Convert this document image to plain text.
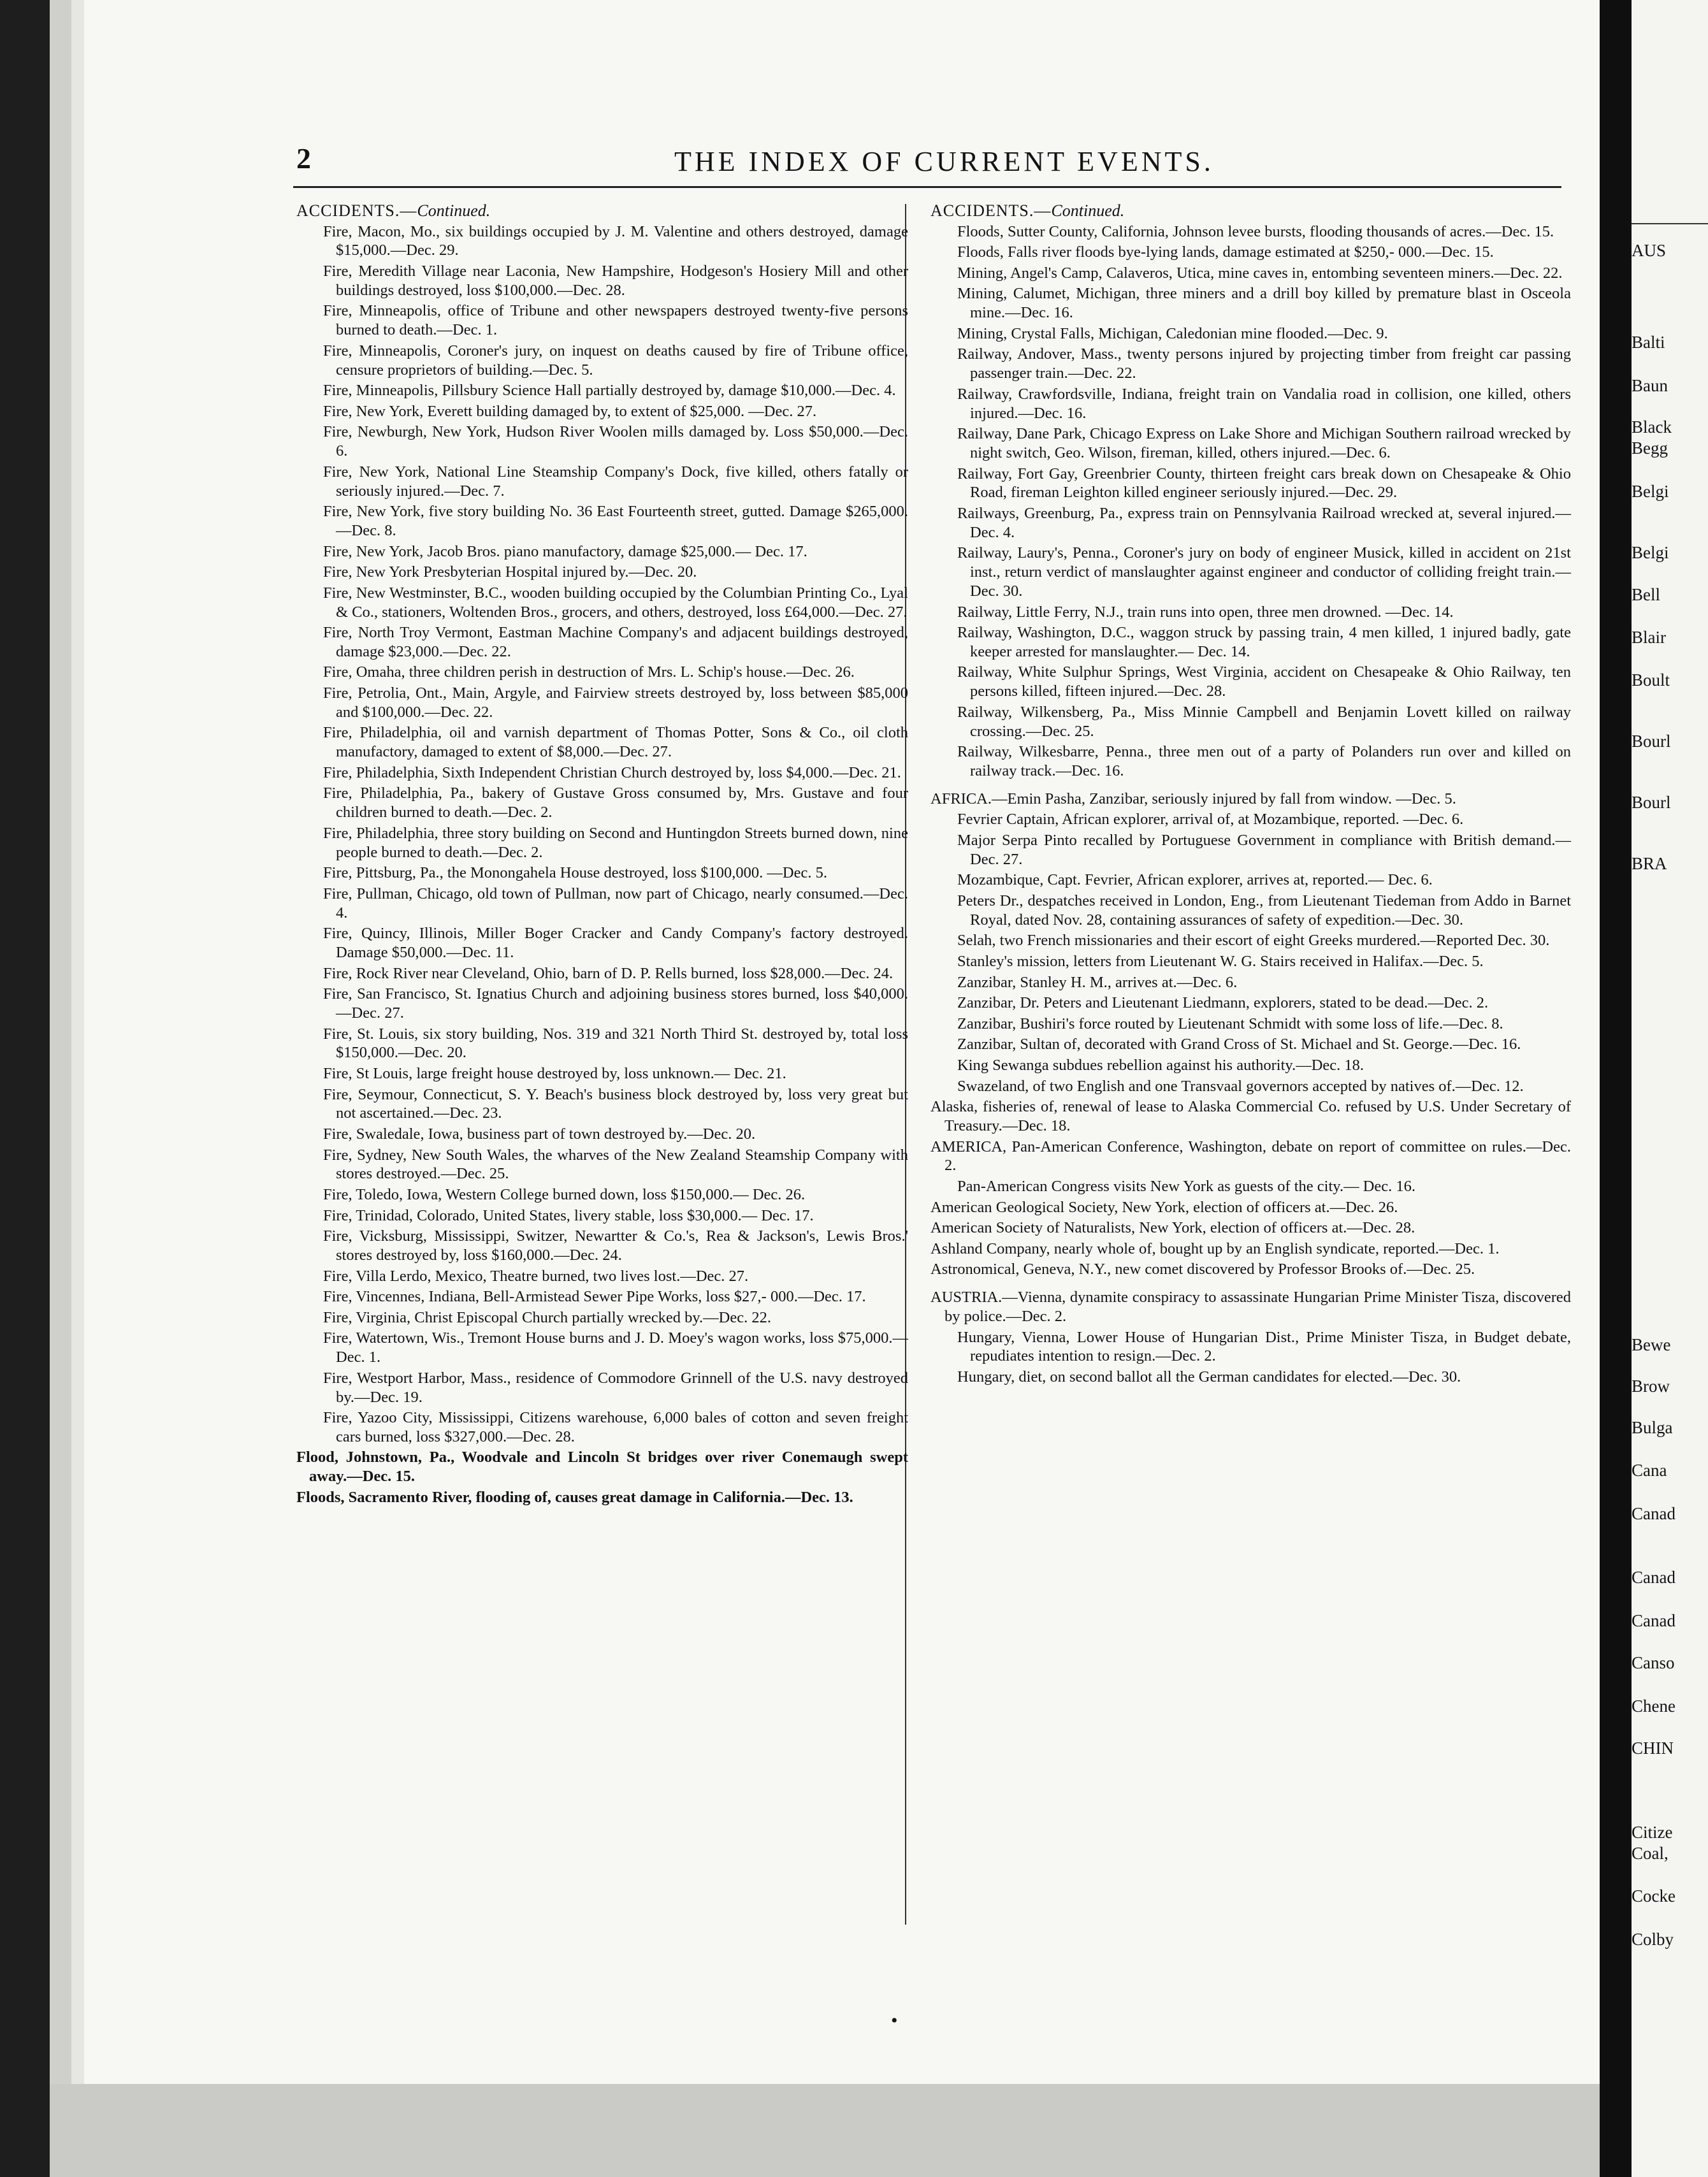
AUS
Balti
Baun
Black
Begg
Belgi
Belgi
Bell
Blair
Boult
Bourl
Bourl
BRA
Bewe
Brow
Bulga
Cana
Canad
Canad
Canad
Canso
Chene
CHIN
Citize
Coal,
Cocke
Colby
2	THE INDEX OF CURRENT EVENTS.
ACCIDENTS.—Continued.
Fire, Macon, Mo., six buildings occupied by J. M. Valentine and others destroyed, damage $15,000.—Dec. 29.
Fire, Meredith Village near Laconia, New Hampshire, Hodgeson's Hosiery Mill and other buildings destroyed, loss $100,000.—Dec. 28.
Fire, Minneapolis, office of Tribune and other newspapers destroyed twenty-five persons burned to death.—Dec. 1.
Fire, Minneapolis, Coroner's jury, on inquest on deaths caused by fire of Tribune office, censure proprietors of building.—Dec. 5.
Fire, Minneapolis, Pillsbury Science Hall partially destroyed by, damage $10,000.—Dec. 4.
Fire, New York, Everett building damaged by, to extent of $25,000. —Dec. 27.
Fire, Newburgh, New York, Hudson River Woolen mills damaged by. Loss $50,000.—Dec. 6.
Fire, New York, National Line Steamship Company's Dock, five killed, others fatally or seriously injured.—Dec. 7.
Fire, New York, five story building No. 36 East Fourteenth street, gutted. Damage $265,000.—Dec. 8.
Fire, New York, Jacob Bros. piano manufactory, damage $25,000.— Dec. 17.
Fire, New York Presbyterian Hospital injured by.—Dec. 20.
Fire, New Westminster, B.C., wooden building occupied by the Columbian Printing Co., Lyal & Co., stationers, Woltenden Bros., grocers, and others, destroyed, loss £64,000.—Dec. 27.
Fire, North Troy Vermont, Eastman Machine Company's and adjacent buildings destroyed, damage $23,000.—Dec. 22.
Fire, Omaha, three children perish in destruction of Mrs. L. Schip's house.—Dec. 26.
Fire, Petrolia, Ont., Main, Argyle, and Fairview streets destroyed by, loss between $85,000 and $100,000.—Dec. 22.
Fire, Philadelphia, oil and varnish department of Thomas Potter, Sons & Co., oil cloth manufactory, damaged to extent of $8,000.—Dec. 27.
Fire, Philadelphia, Sixth Independent Christian Church destroyed by, loss $4,000.—Dec. 21.
Fire, Philadelphia, Pa., bakery of Gustave Gross consumed by, Mrs. Gustave and four children burned to death.—Dec. 2.
Fire, Philadelphia, three story building on Second and Huntingdon Streets burned down, nine people burned to death.—Dec. 2.
Fire, Pittsburg, Pa., the Monongahela House destroyed, loss $100,000. —Dec. 5.
Fire, Pullman, Chicago, old town of Pullman, now part of Chicago, nearly consumed.—Dec. 4.
Fire, Quincy, Illinois, Miller Boger Cracker and Candy Company's factory destroyed. Damage $50,000.—Dec. 11.
Fire, Rock River near Cleveland, Ohio, barn of D. P. Rells burned, loss $28,000.—Dec. 24.
Fire, San Francisco, St. Ignatius Church and adjoining business stores burned, loss $40,000.—Dec. 27.
Fire, St. Louis, six story building, Nos. 319 and 321 North Third St. destroyed by, total loss $150,000.—Dec. 20.
Fire, St Louis, large freight house destroyed by, loss unknown.— Dec. 21.
Fire, Seymour, Connecticut, S. Y. Beach's business block destroyed by, loss very great but not ascertained.—Dec. 23.
Fire, Swaledale, Iowa, business part of town destroyed by.—Dec. 20.
Fire, Sydney, New South Wales, the wharves of the New Zealand Steamship Company with stores destroyed.—Dec. 25.
Fire, Toledo, Iowa, Western College burned down, loss $150,000.— Dec. 26.
Fire, Trinidad, Colorado, United States, livery stable, loss $30,000.— Dec. 17.
Fire, Vicksburg, Mississippi, Switzer, Newartter & Co.'s, Rea & Jackson's, Lewis Bros.' stores destroyed by, loss $160,000.—Dec. 24.
Fire, Villa Lerdo, Mexico, Theatre burned, two lives lost.—Dec. 27.
Fire, Vincennes, Indiana, Bell-Armistead Sewer Pipe Works, loss $27,- 000.—Dec. 17.
Fire, Virginia, Christ Episcopal Church partially wrecked by.—Dec. 22.
Fire, Watertown, Wis., Tremont House burns and J. D. Moey's wagon works, loss $75,000.—Dec. 1.
Fire, Westport Harbor, Mass., residence of Commodore Grinnell of the U.S. navy destroyed by.—Dec. 19.
Fire, Yazoo City, Mississippi, Citizens warehouse, 6,000 bales of cotton and seven freight cars burned, loss $327,000.—Dec. 28.
Flood, Johnstown, Pa., Woodvale and Lincoln St bridges over river Conemaugh swept away.—Dec. 15.
Floods, Sacramento River, flooding of, causes great damage in California.—Dec. 13.
ACCIDENTS.—Continued.
Floods, Sutter County, California, Johnson levee bursts, flooding thousands of acres.—Dec. 15.
Floods, Falls river floods bye-lying lands, damage estimated at $250,- 000.—Dec. 15.
Mining, Angel's Camp, Calaveros, Utica, mine caves in, entombing seventeen miners.—Dec. 22.
Mining, Calumet, Michigan, three miners and a drill boy killed by premature blast in Osceola mine.—Dec. 16.
Mining, Crystal Falls, Michigan, Caledonian mine flooded.—Dec. 9.
Railway, Andover, Mass., twenty persons injured by projecting timber from freight car passing passenger train.—Dec. 22.
Railway, Crawfordsville, Indiana, freight train on Vandalia road in collision, one killed, others injured.—Dec. 16.
Railway, Dane Park, Chicago Express on Lake Shore and Michigan Southern railroad wrecked by night switch, Geo. Wilson, fireman, killed, others injured.—Dec. 6.
Railway, Fort Gay, Greenbrier County, thirteen freight cars break down on Chesapeake & Ohio Road, fireman Leighton killed engineer seriously injured.—Dec. 29.
Railways, Greenburg, Pa., express train on Pennsylvania Railroad wrecked at, several injured.—Dec. 4.
Railway, Laury's, Penna., Coroner's jury on body of engineer Musick, killed in accident on 21st inst., return verdict of manslaughter against engineer and conductor of colliding freight train.—Dec. 30.
Railway, Little Ferry, N.J., train runs into open, three men drowned. —Dec. 14.
Railway, Washington, D.C., waggon struck by passing train, 4 men killed, 1 injured badly, gate keeper arrested for manslaughter.— Dec. 14.
Railway, White Sulphur Springs, West Virginia, accident on Chesapeake & Ohio Railway, ten persons killed, fifteen injured.—Dec. 28.
Railway, Wilkensberg, Pa., Miss Minnie Campbell and Benjamin Lovett killed on railway crossing.—Dec. 25.
Railway, Wilkesbarre, Penna., three men out of a party of Polanders run over and killed on railway track.—Dec. 16.
AFRICA.—Emin Pasha, Zanzibar, seriously injured by fall from window. —Dec. 5.
Fevrier Captain, African explorer, arrival of, at Mozambique, reported. —Dec. 6.
Major Serpa Pinto recalled by Portuguese Government in compliance with British demand.—Dec. 27.
Mozambique, Capt. Fevrier, African explorer, arrives at, reported.— Dec. 6.
Peters Dr., despatches received in London, Eng., from Lieutenant Tiedeman from Addo in Barnet Royal, dated Nov. 28, containing assurances of safety of expedition.—Dec. 30.
Selah, two French missionaries and their escort of eight Greeks murdered.—Reported Dec. 30.
Stanley's mission, letters from Lieutenant W. G. Stairs received in Halifax.—Dec. 5.
Zanzibar, Stanley H. M., arrives at.—Dec. 6.
Zanzibar, Dr. Peters and Lieutenant Liedmann, explorers, stated to be dead.—Dec. 2.
Zanzibar, Bushiri's force routed by Lieutenant Schmidt with some loss of life.—Dec. 8.
Zanzibar, Sultan of, decorated with Grand Cross of St. Michael and St. George.—Dec. 16.
King Sewanga subdues rebellion against his authority.—Dec. 18.
Swazeland, of two English and one Transvaal governors accepted by natives of.—Dec. 12.
Alaska, fisheries of, renewal of lease to Alaska Commercial Co. refused by U.S. Under Secretary of Treasury.—Dec. 18.
AMERICA, Pan-American Conference, Washington, debate on report of committee on rules.—Dec. 2.
Pan-American Congress visits New York as guests of the city.— Dec. 16.
American Geological Society, New York, election of officers at.—Dec. 26.
American Society of Naturalists, New York, election of officers at.—Dec. 28.
Ashland Company, nearly whole of, bought up by an English syndicate, reported.—Dec. 1.
Astronomical, Geneva, N.Y., new comet discovered by Professor Brooks of.—Dec. 25.
AUSTRIA.—Vienna, dynamite conspiracy to assassinate Hungarian Prime Minister Tisza, discovered by police.—Dec. 2.
Hungary, Vienna, Lower House of Hungarian Dist., Prime Minister Tisza, in Budget debate, repudiates intention to resign.—Dec. 2.
Hungary, diet, on second ballot all the German candidates for elected.—Dec. 30.
•
